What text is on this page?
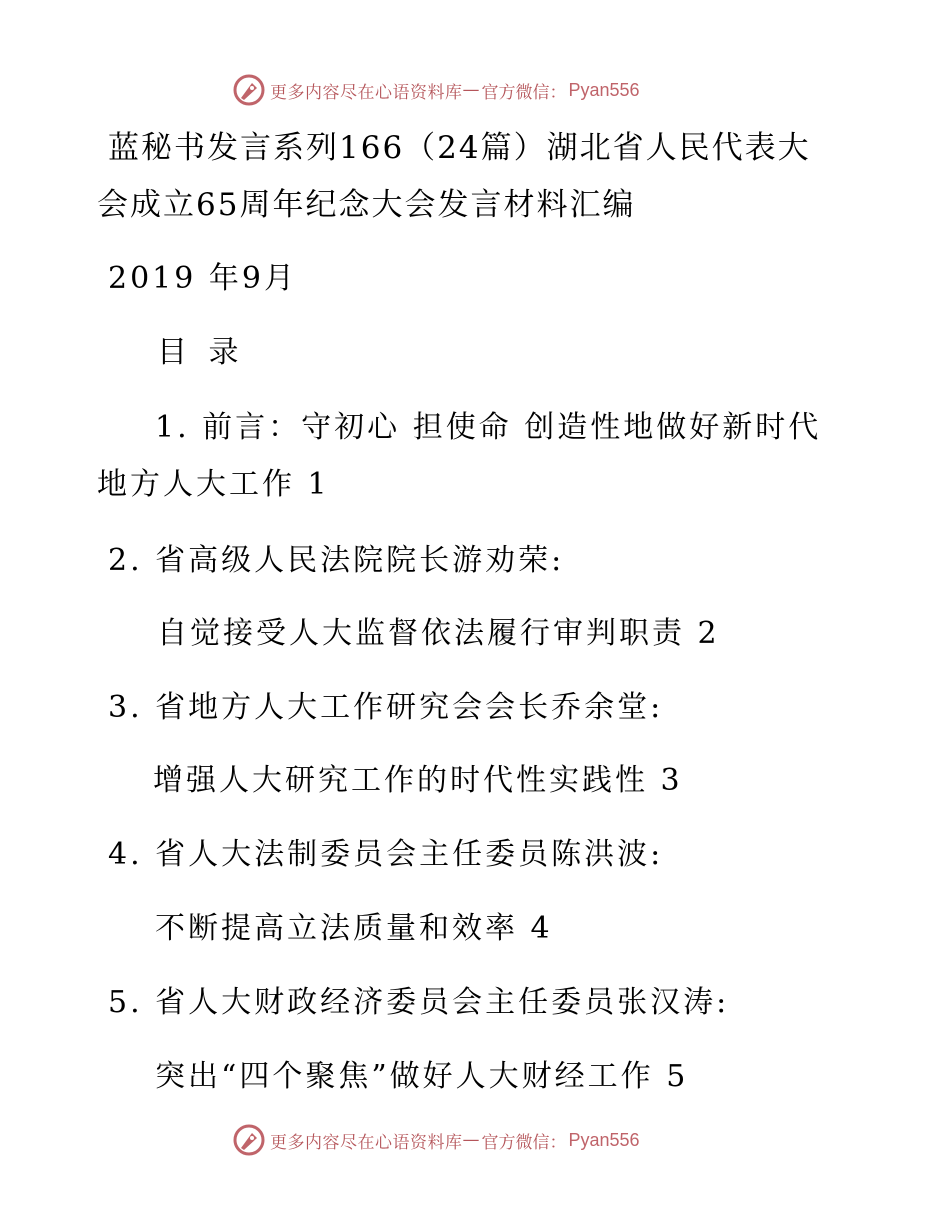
更多内容尽在心语资料库 — 官方微信： Pyan556
蓝秘书发言系列166（24篇）湖北省人民代表大
会成立65周年纪念大会发言材料汇编
2019 年9月
目 录
1. 前言：守初心 担使命 创造性地做好新时代
地方人大工作 1
2. 省高级人民法院院长游劝荣:
自觉接受人大监督依法履行审判职责 2
3. 省地方人大工作研究会会长乔余堂:
增强人大研究工作的时代性实践性 3
4. 省人大法制委员会主任委员陈洪波:
不断提高立法质量和效率 4
5. 省人大财政经济委员会主任委员张汉涛:
突出“四个聚焦”做好人大财经工作 5
更多内容尽在心语资料库 — 官方微信： Pyan556
